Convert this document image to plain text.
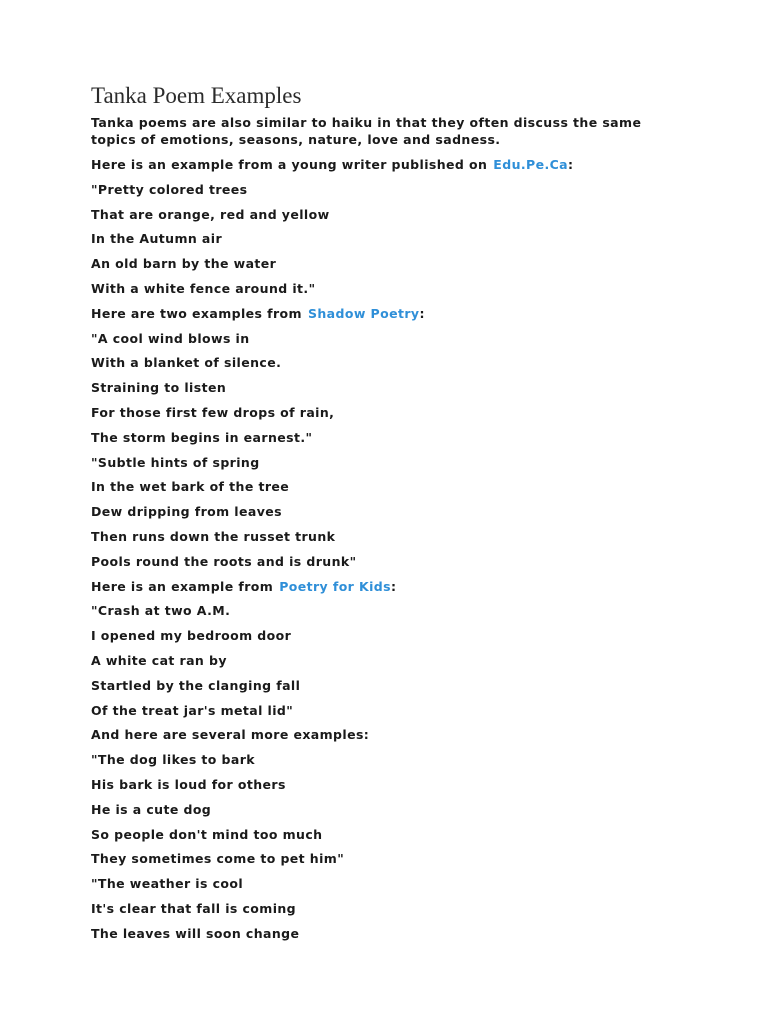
Tanka Poem Examples

Tanka poems are also similar to haiku in that they often discuss the same topics of emotions, seasons, nature, love and sadness.

Here is an example from a young writer published on Edu.Pe.Ca:
"Pretty colored trees
That are orange, red and yellow
In the Autumn air
An old barn by the water
With a white fence around it."
Here are two examples from Shadow Poetry:
"A cool wind blows in
With a blanket of silence.
Straining to listen
For those first few drops of rain,
The storm begins in earnest."
"Subtle hints of spring
In the wet bark of the tree
Dew dripping from leaves
Then runs down the russet trunk
Pools round the roots and is drunk"
Here is an example from Poetry for Kids:
"Crash at two A.M.
I opened my bedroom door
A white cat ran by
Startled by the clanging fall
Of the treat jar's metal lid"
And here are several more examples:
"The dog likes to bark
His bark is loud for others
He is a cute dog
So people don't mind too much
They sometimes come to pet him"
"The weather is cool
It's clear that fall is coming
The leaves will soon change
